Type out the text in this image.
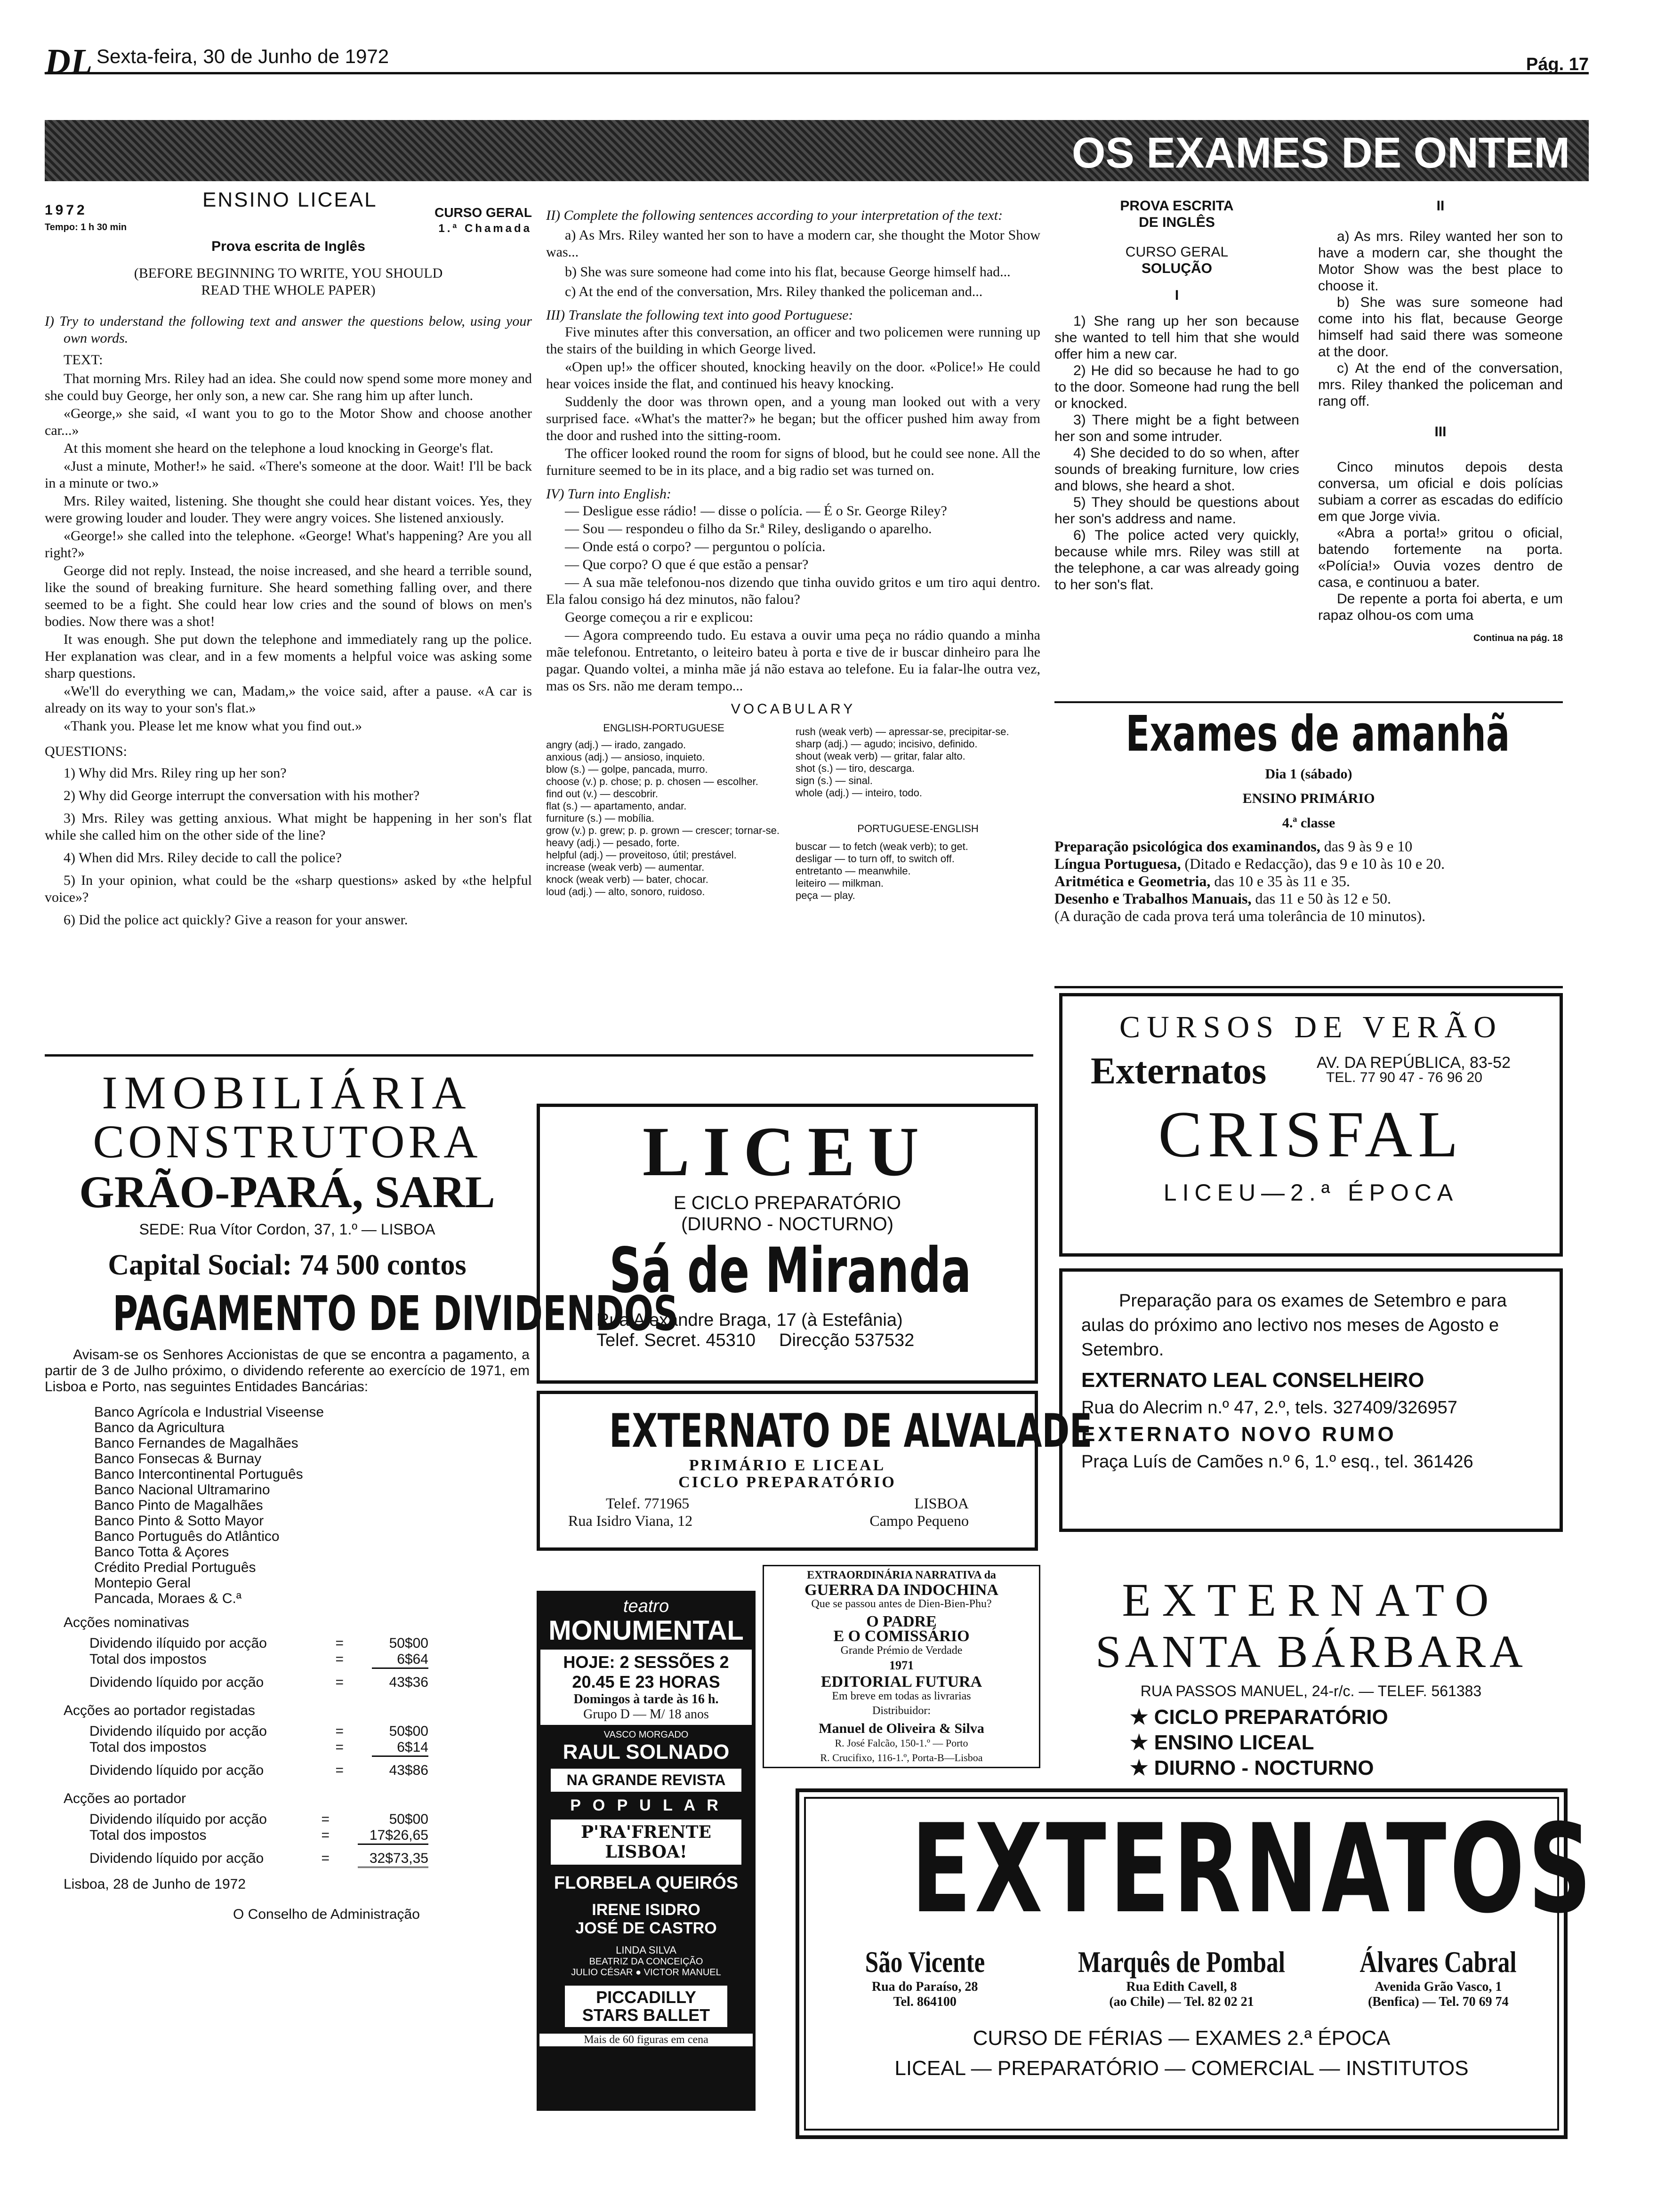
DL Sexta-feira, 30 de Junho de 1972	Pág. 17
OS EXAMES DE ONTEM
1972	ENSINO LICEAL
CURSO GERAL
Tempo: 1 h 30 min	1.ª Chamada
Prova escrita de Inglês
(BEFORE BEGINNING TO WRITE, YOU SHOULD READ THE WHOLE PAPER)
I) Try to understand the following text and answer the questions below, using your own words.
TEXT:

That morning Mrs. Riley had an idea. She could now spend some more money and she could buy George, her only son, a new car. She rang him up after lunch.

«George,» she said, «I want you to go to the Motor Show and choose another car...»

At this moment she heard on the telephone a loud knocking in George's flat.

«Just a minute, Mother!» he said. «There's someone at the door. Wait! I'll be back in a minute or two.»

Mrs. Riley waited, listening. She thought she could hear distant voices. Yes, they were growing louder and louder. They were angry voices. She listened anxiously.

«George!» she called into the telephone. «George! What's happening? Are you all right?»

George did not reply. Instead, the noise increased, and she heard a terrible sound, like the sound of breaking furniture. She heard something falling over, and there seemed to be a fight. She could hear low cries and the sound of blows on men's bodies. Now there was a shot!

It was enough. She put down the telephone and immediately rang up the police. Her explanation was clear, and in a few moments a helpful voice was asking some sharp questions.

«We'll do everything we can, Madam,» the voice said, after a pause. «A car is already on its way to your son's flat.»

«Thank you. Please let me know what you find out.»

QUESTIONS:

1) Why did Mrs. Riley ring up her son?

2) Why did George interrupt the conversation with his mother?

3) Mrs. Riley was getting anxious. What might be happening in her son's flat while she called him on the other side of the line?

4) When did Mrs. Riley decide to call the police?

5) In your opinion, what could be the «sharp questions» asked by «the helpful voice»?

6) Did the police act quickly? Give a reason for your answer.

II) Complete the following sentences according to your interpretation of the text:

a) As Mrs. Riley wanted her son to have a modern car, she thought the Motor Show was...

b) She was sure someone had come into his flat, because George himself had...

c) At the end of the conversation, Mrs. Riley thanked the policeman and...

III) Translate the following text into good Portuguese:

Five minutes after this conversation, an officer and two policemen were running up the stairs of the building in which George lived.

«Open up!» the officer shouted, knocking heavily on the door. «Police!» He could hear voices inside the flat, and continued his heavy knocking.

Suddenly the door was thrown open, and a young man looked out with a very surprised face. «What's the matter?» he began; but the officer pushed him away from the door and rushed into the sitting-room.

The officer looked round the room for signs of blood, but he could see none. All the furniture seemed to be in its place, and a big radio set was turned on.

IV) Turn into English:

— Desligue esse rádio! — disse o polícia. — É o Sr. George Riley?

— Sou — respondeu o filho da Sr.ª Riley, desligando o aparelho.

— Onde está o corpo? — perguntou o polícia.

— Que corpo? O que é que estão a pensar?

— A sua mãe telefonou-nos dizendo que tinha ouvido gritos e um tiro aqui dentro. Ela falou consigo há dez minutos, não falou?

George começou a rir e explicou:

— Agora compreendo tudo. Eu estava a ouvir uma peça no rádio quando a minha mãe telefonou. Entretanto, o leiteiro bateu à porta e tive de ir buscar dinheiro para lhe pagar. Quando voltei, a minha mãe já não estava ao telefone. Eu ia falar-lhe outra vez, mas os Srs. não me deram tempo...

VOCABULARY
ENGLISH-PORTUGUESE
angry (adj.) — irado, zangado.
anxious (adj.) — ansioso, inquieto.
blow (s.) — golpe, pancada, murro.
choose (v.) p. chose; p. p. chosen — escolher.
find out (v.) — descobrir.
flat (s.) — apartamento, andar.
furniture (s.) — mobília.
grow (v.) p. grew; p. p. grown — crescer; tornar-se.
heavy (adj.) — pesado, forte.
helpful (adj.) — proveitoso, útil; prestável.
increase (weak verb) — aumentar.
knock (weak verb) — bater, chocar.
loud (adj.) — alto, sonoro, ruidoso.
rush (weak verb) — apressar-se, precipitar-se.
sharp (adj.) — agudo; incisivo, definido.
shout (weak verb) — gritar, falar alto.
shot (s.) — tiro, descarga.
sign (s.) — sinal.
whole (adj.) — inteiro, todo.
PORTUGUESE-ENGLISH
buscar — to fetch (weak verb); to get.
desligar — to turn off, to switch off.
entretanto — meanwhile.
leiteiro — milkman.
peça — play.
PROVA ESCRITA
DE INGLÊS
CURSO GERAL
SOLUÇÃO
I

1) She rang up her son because she wanted to tell him that she would offer him a new car.

2) He did so because he had to go to the door. Someone had rung the bell or knocked.

3) There might be a fight between her son and some intruder.

4) She decided to do so when, after sounds of breaking furniture, low cries and blows, she heard a shot.

5) They should be questions about her son's address and name.

6) The police acted very quickly, because while mrs. Riley was still at the telephone, a car was already going to her son's flat.

II

a) As mrs. Riley wanted her son to have a modern car, she thought the Motor Show was the best place to choose it.

b) She was sure someone had come into his flat, because George himself had said there was someone at the door.

c) At the end of the conversation, mrs. Riley thanked the policeman and rang off.

III

Cinco minutos depois desta conversa, um oficial e dois polícias subiam a correr as escadas do edifício em que Jorge vivia.

«Abra a porta!» gritou o oficial, batendo fortemente na porta. «Polícia!» Ouvia vozes dentro de casa, e continuou a bater.

De repente a porta foi aberta, e um rapaz olhou-os com uma

Continua na pág. 18
Exames de amanhã
Dia 1 (sábado)
ENSINO PRIMÁRIO
4.ª classe
Preparação psicológica dos examinandos, das 9 às 9 e 10
Língua Portuguesa, (Ditado e Redacção), das 9 e 10 às 10 e 20.
Aritmética e Geometria, das 10 e 35 às 11 e 35.
Desenho e Trabalhos Manuais, das 11 e 50 às 12 e 50.
(A duração de cada prova terá uma tolerância de 10 minutos).
IMOBILIÁRIA
CONSTRUTORA
GRÃO-PARÁ, SARL
SEDE: Rua Vítor Cordon, 37, 1.º — LISBOA
Capital Social: 74 500 contos
PAGAMENTO DE DIVIDENDOS
Avisam-se os Senhores Accionistas de que se encontra a pagamento, a partir de 3 de Julho próximo, o dividendo referente ao exercício de 1971, em Lisboa e Porto, nas seguintes Entidades Bancárias:
Banco Agrícola e Industrial Viseense
Banco da Agricultura
Banco Fernandes de Magalhães
Banco Fonsecas & Burnay
Banco Intercontinental Português
Banco Nacional Ultramarino
Banco Pinto de Magalhães
Banco Pinto & Sotto Mayor
Banco Português do Atlântico
Banco Totta & Açores
Crédito Predial Português
Montepio Geral
Pancada, Moraes & C.ª
Acções nominativas
Dividendo ilíquido por acção	=	50$00
Total dos impostos	=	6$64
Dividendo líquido por acção	=	43$36
Acções ao portador registadas
Dividendo ilíquido por acção	=	50$00
Total dos impostos	=	6$14
Dividendo líquido por acção	=	43$86
Acções ao portador
Dividendo ilíquido por acção	=	50$00
Total dos impostos	=	17$26,65
Dividendo líquido por acção	=	32$73,35
Lisboa, 28 de Junho de 1972
O Conselho de Administração
LICEU
E CICLO PREPARATÓRIO
(DIURNO - NOCTURNO)
Sá de Miranda
Rua Alexandre Braga, 17 (à Estefânia)
Telef. Secret. 45310 Direcção 537532
EXTERNATO DE ALVALADE
PRIMÁRIO E LICEAL
CICLO PREPARATÓRIO
Telef. 771965	LISBOA
Rua Isidro Viana, 12	Campo Pequeno
teatro
MONUMENTAL
HOJE: 2 SESSÕES 2
20.45 E 23 HORAS
Domingos à tarde às 16 h.
Grupo D — M/ 18 anos
VASCO MORGADO
RAUL SOLNADO
NA GRANDE REVISTA
P O P U L A R
P'RA'FRENTE LISBOA!
FLORBELA QUEIRÓS
IRENE ISIDRO
JOSÉ DE CASTRO
LINDA SILVA
BEATRIZ DA CONCEIÇÃO
JULIO CÉSAR ● VICTOR MANUEL
PICCADILLY
STARS BALLET
Mais de 60 figuras em cena
EXTRAORDINÁRIA NARRATIVA da
GUERRA DA INDOCHINA
Que se passou antes de Dien-Bien-Phu?
O PADRE
E O COMISSÁRIO
Grande Prémio de Verdade
1971
EDITORIAL FUTURA
Em breve em todas as livrarias
Distribuidor:
Manuel de Oliveira & Silva
R. José Falcão, 150-1.º — Porto
R. Crucifixo, 116-1.º, Porta-B—Lisboa
CURSOS DE VERÃO
Externatos	AV. DA REPÚBLICA, 83-52
TEL. 77 90 47 - 76 96 20
CRISFAL
LICEU—2.ª ÉPOCA
Preparação para os exames de Setembro e para aulas do próximo ano lectivo nos meses de Agosto e Setembro.
EXTERNATO LEAL CONSELHEIRO
Rua do Alecrim n.º 47, 2.º, tels. 327409/326957
EXTERNATO NOVO RUMO
Praça Luís de Camões n.º 6, 1.º esq., tel. 361426
EXTERNATO
SANTA BÁRBARA
RUA PASSOS MANUEL, 24-r/c. — TELEF. 561383
★ CICLO PREPARATÓRIO
★ ENSINO LICEAL
★ DIURNO - NOCTURNO
EXTERNATOS
São Vicente
Rua do Paraíso, 28
Tel. 864100
Marquês de Pombal
Rua Edith Cavell, 8
(ao Chile) — Tel. 82 02 21
Álvares Cabral
Avenida Grão Vasco, 1
(Benfica) — Tel. 70 69 74
CURSO DE FÉRIAS — EXAMES 2.ª ÉPOCA
LICEAL — PREPARATÓRIO — COMERCIAL — INSTITUTOS
